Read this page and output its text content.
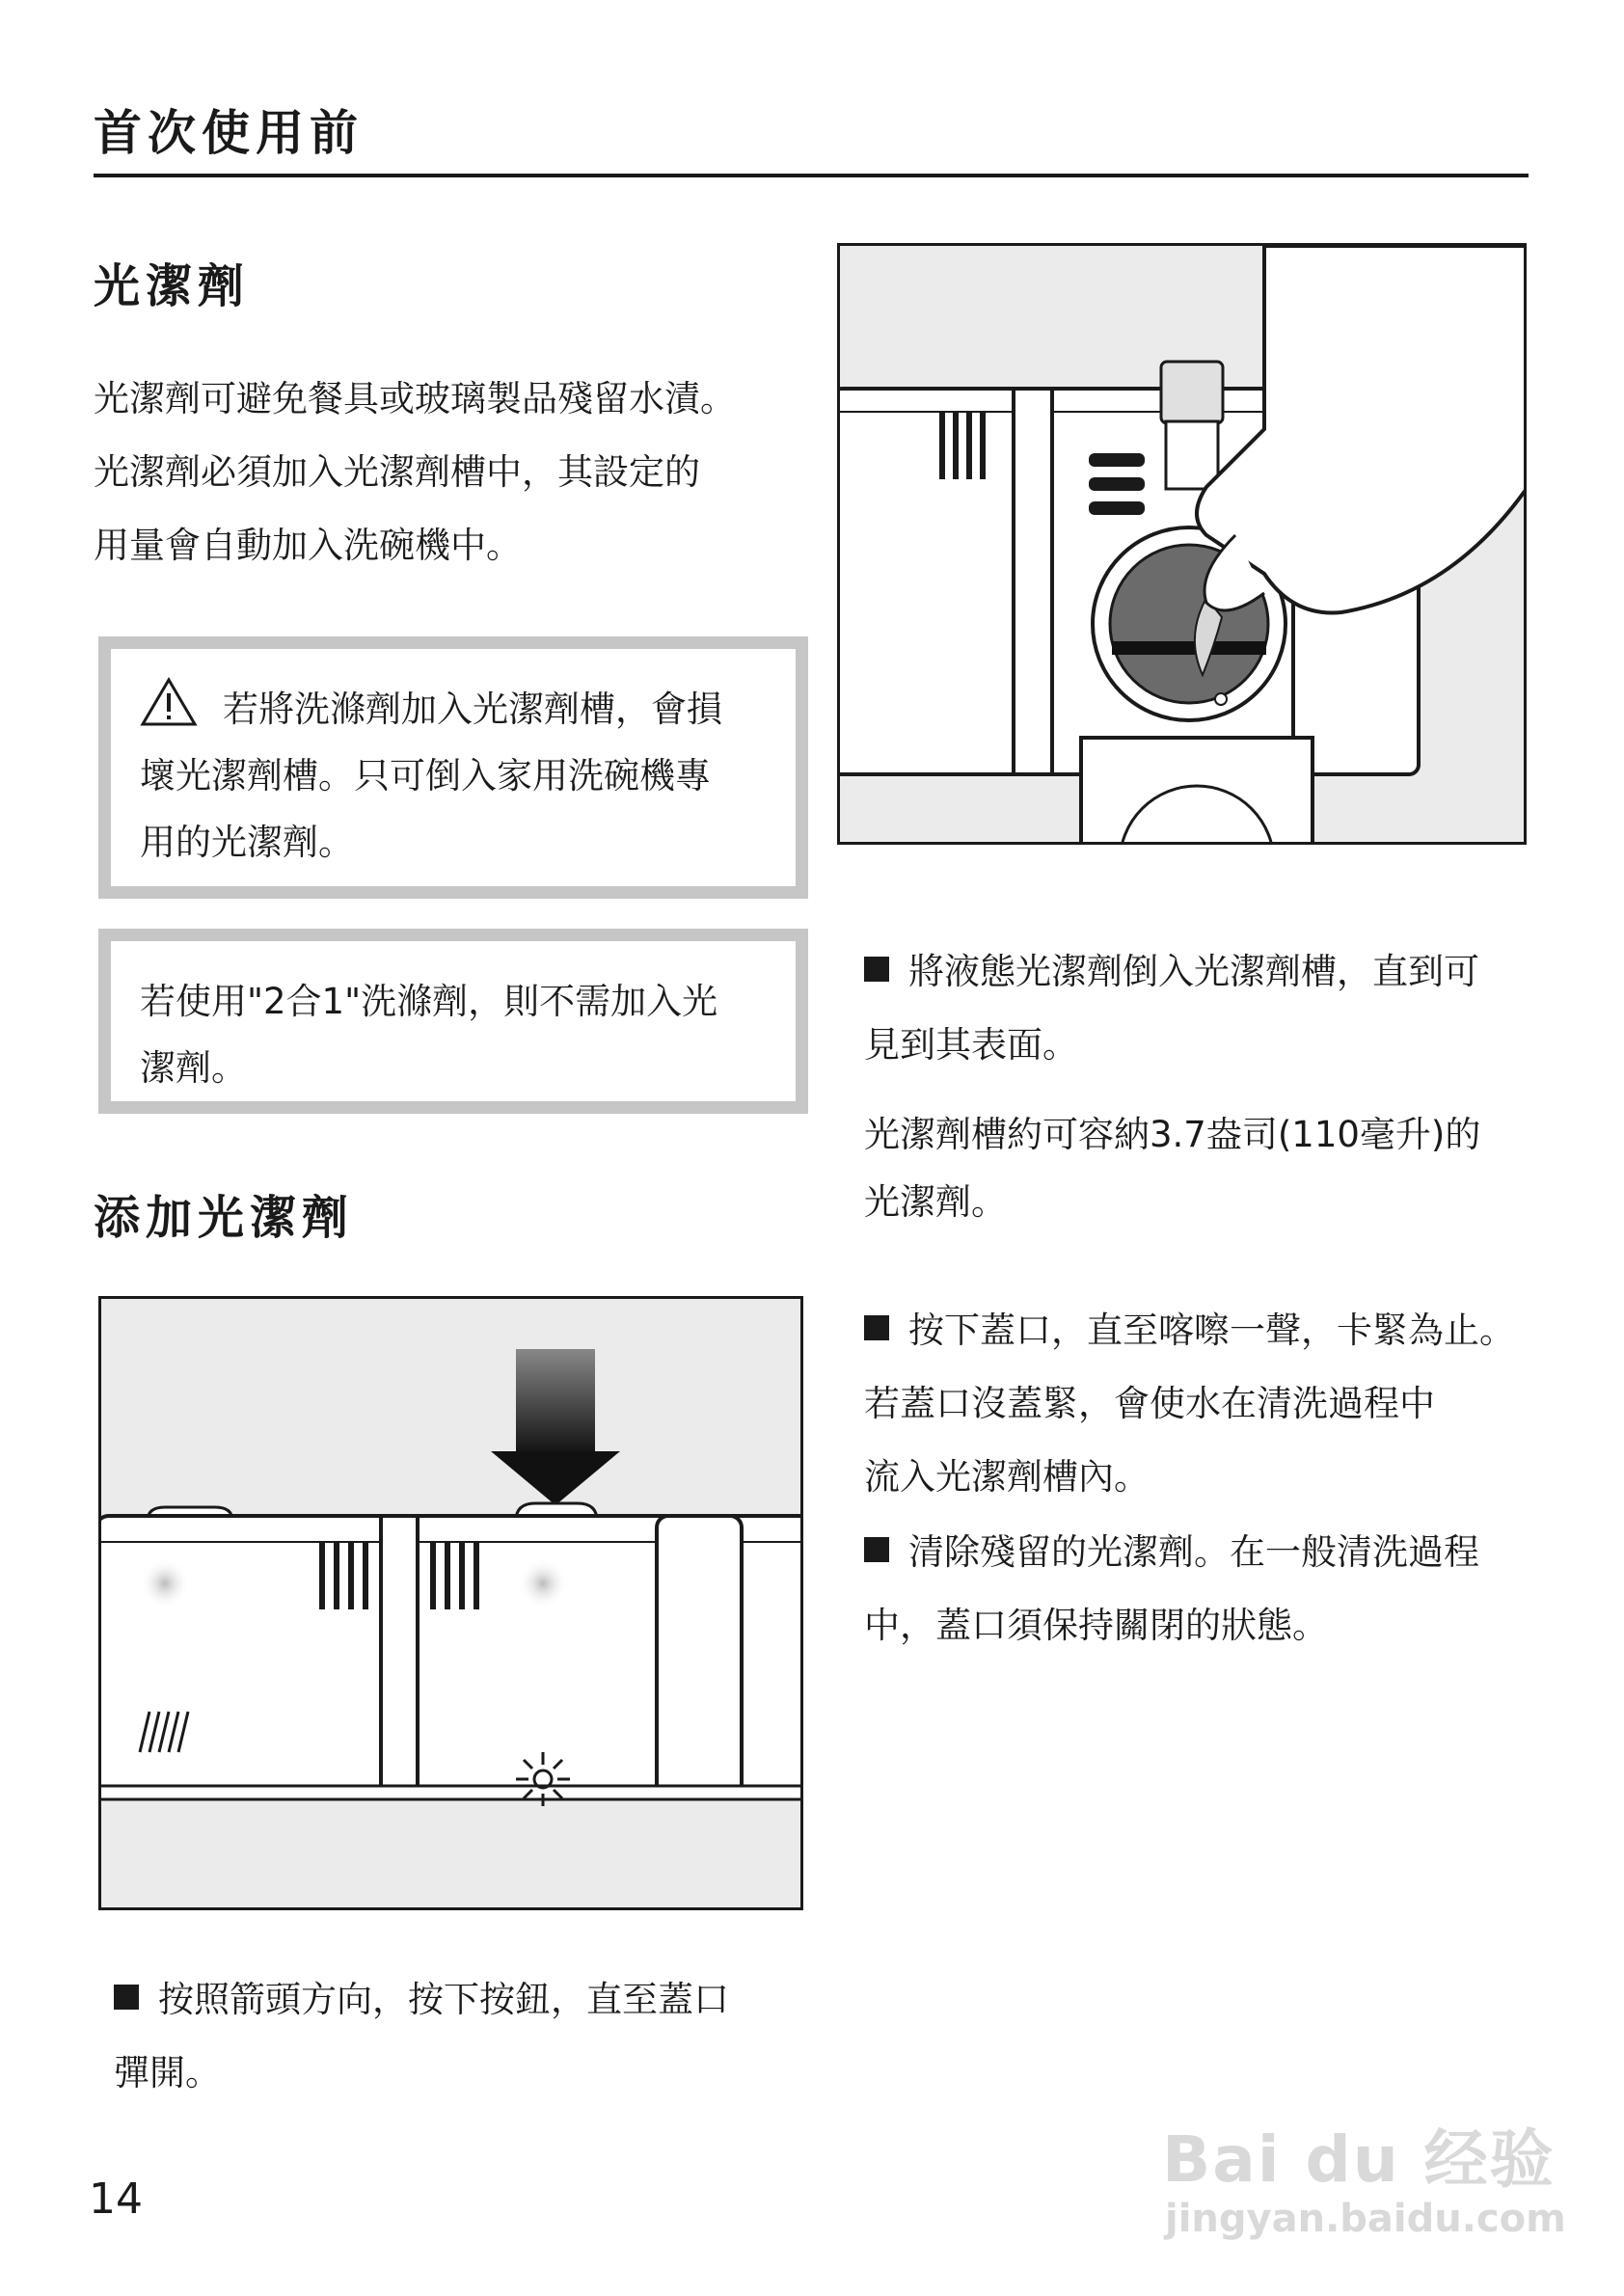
首次使用前
光潔劑
光潔劑可避免餐具或玻璃製品殘留水漬。
光潔劑必須加入光潔劑槽中，其設定的
用量會自動加入洗碗機中。
若將洗滌劑加入光潔劑槽，會損
壞光潔劑槽。只可倒入家用洗碗機專
用的光潔劑。
若使用"2合1"洗滌劑，則不需加入光
潔劑。
添加光潔劑
按照箭頭方向，按下按鈕，直至蓋口
彈開。
將液態光潔劑倒入光潔劑槽，直到可
見到其表面。
光潔劑槽約可容納3.7盎司(110毫升)的
光潔劑。
按下蓋口，直至喀嚓一聲，卡緊為止。
若蓋口沒蓋緊，會使水在清洗過程中
流入光潔劑槽內。
清除殘留的光潔劑。在一般清洗過程
中，蓋口須保持關閉的狀態。
14
Bai du 经验
jingyan.baidu.com
